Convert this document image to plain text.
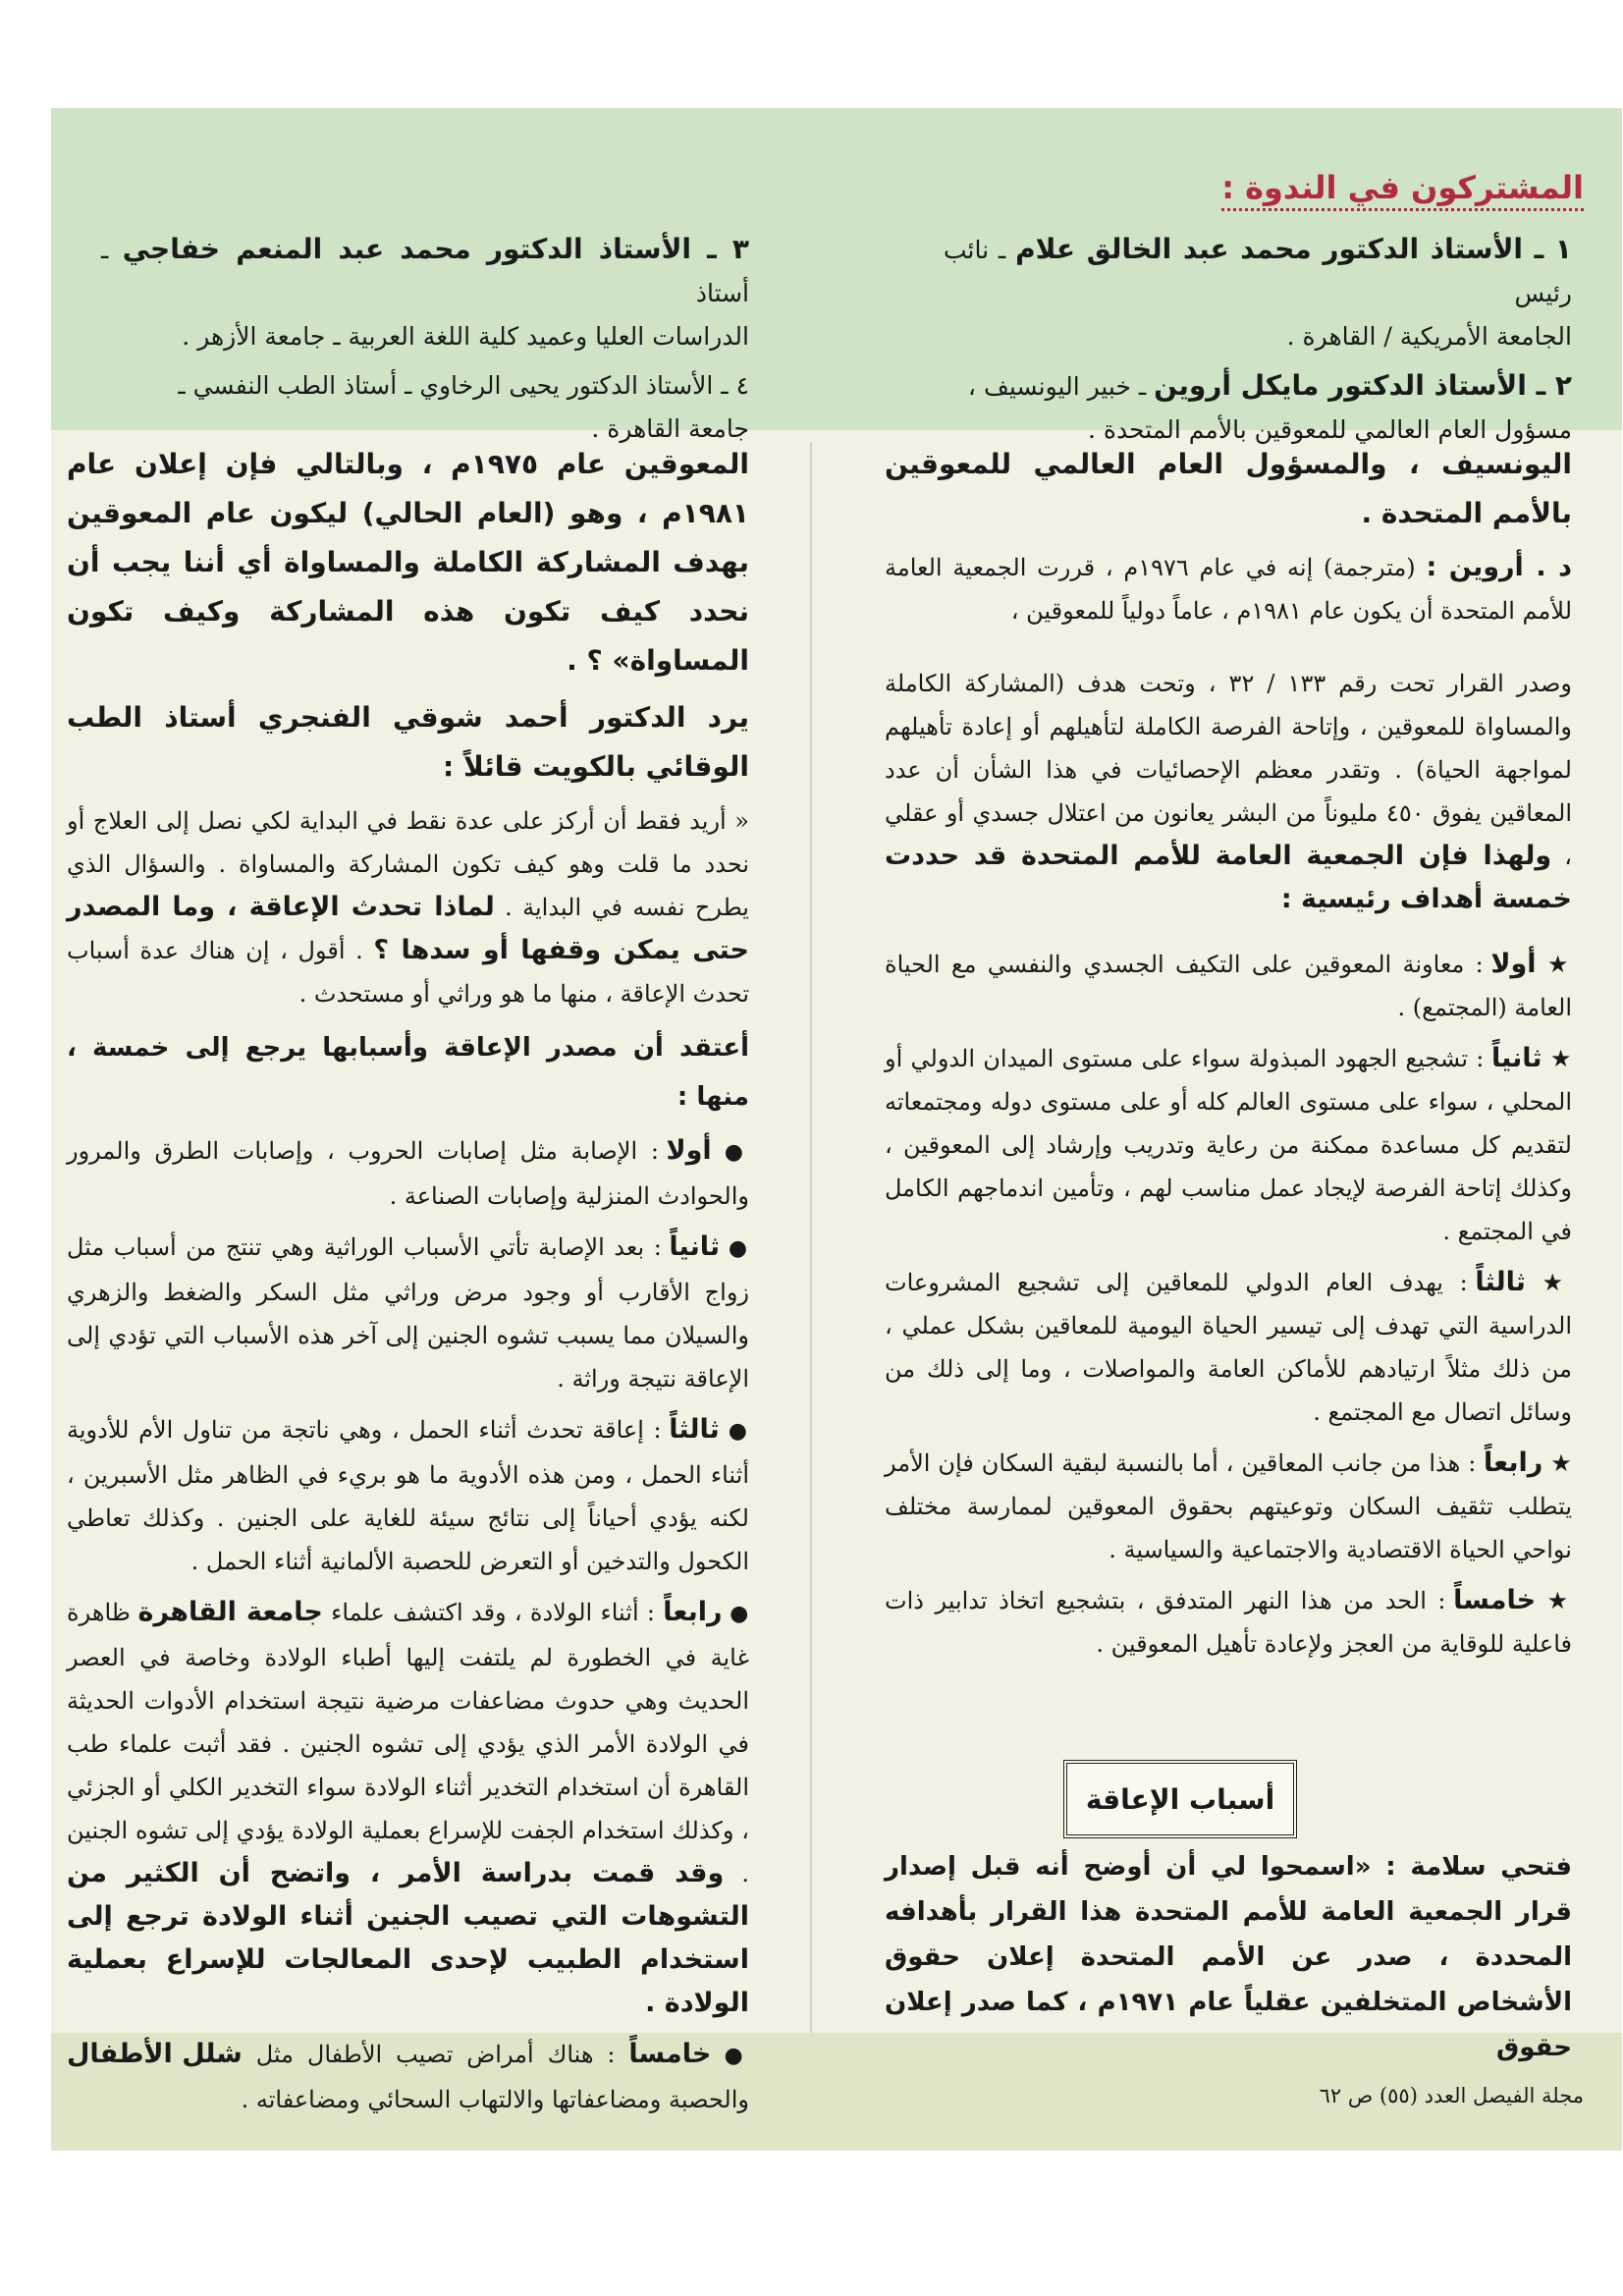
المشتركون في الندوة :
١ ـ الأستاذ الدكتور محمد عبد الخالق علام ـ نائب رئيس
الجامعة الأمريكية / القاهرة .
٢ ـ الأستاذ الدكتور مايكل أروين ـ خبير اليونسيف ،
مسؤول العام العالمي للمعوقين بالأمم المتحدة .
٣ ـ الأستاذ الدكتور محمد عبد المنعم خفاجي ـ أستاذ
الدراسات العليا وعميد كلية اللغة العربية ـ جامعة الأزهر .
٤ ـ الأستاذ الدكتور يحيى الرخاوي ـ أستاذ الطب النفسي ـ
جامعة القاهرة .

اليونسيف ، والمسؤول العام العالمي للمعوقين بالأمم المتحدة .

د . أروين : (مترجمة) إنه في عام ١٩٧٦م ، قررت الجمعية العامة للأمم المتحدة أن يكون عام ١٩٨١م ، عاماً دولياً للمعوقين ،

وصدر القرار تحت رقم ١٣٣ / ٣٢ ، وتحت هدف (المشاركة الكاملة والمساواة للمعوقين ، وإتاحة الفرصة الكاملة لتأهيلهم أو إعادة تأهيلهم لمواجهة الحياة) . وتقدر معظم الإحصائيات في هذا الشأن أن عدد المعاقين يفوق ٤٥٠ مليوناً من البشر يعانون من اعتلال جسدي أو عقلي ، ولهذا فإن الجمعية العامة للأمم المتحدة قد حددت خمسة أهداف رئيسية :

★ أولا : معاونة المعوقين على التكيف الجسدي والنفسي مع الحياة العامة (المجتمع) .

★ ثانياً : تشجيع الجهود المبذولة سواء على مستوى الميدان الدولي أو المحلي ، سواء على مستوى العالم كله أو على مستوى دوله ومجتمعاته لتقديم كل مساعدة ممكنة من رعاية وتدريب وإرشاد إلى المعوقين ، وكذلك إتاحة الفرصة لإيجاد عمل مناسب لهم ، وتأمين اندماجهم الكامل في المجتمع .

★ ثالثاً : يهدف العام الدولي للمعاقين إلى تشجيع المشروعات الدراسية التي تهدف إلى تيسير الحياة اليومية للمعاقين بشكل عملي ، من ذلك مثلاً ارتيادهم للأماكن العامة والمواصلات ، وما إلى ذلك من وسائل اتصال مع المجتمع .

★ رابعاً : هذا من جانب المعاقين ، أما بالنسبة لبقية السكان فإن الأمر يتطلب تثقيف السكان وتوعيتهم بحقوق المعوقين لممارسة مختلف نواحي الحياة الاقتصادية والاجتماعية والسياسية .

★ خامساً : الحد من هذا النهر المتدفق ، بتشجيع اتخاذ تدابير ذات فاعلية للوقاية من العجز ولإعادة تأهيل المعوقين .

أسباب الإعاقة

فتحي سلامة : «اسمحوا لي أن أوضح أنه قبل إصدار قرار الجمعية العامة للأمم المتحدة هذا القرار بأهدافه المحددة ، صدر عن الأمم المتحدة إعلان حقوق الأشخاص المتخلفين عقلياً عام ١٩٧١م ، كما صدر إعلان حقوق

المعوقين عام ١٩٧٥م ، وبالتالي فإن إعلان عام ١٩٨١م ، وهو (العام الحالي) ليكون عام المعوقين بهدف المشاركة الكاملة والمساواة أي أننا يجب أن نحدد كيف تكون هذه المشاركة وكيف تكون المساواة» ؟ .

يرد الدكتور أحمد شوقي الفنجري أستاذ الطب الوقائي بالكويت قائلاً :

« أريد فقط أن أركز على عدة نقط في البداية لكي نصل إلى العلاج أو نحدد ما قلت وهو كيف تكون المشاركة والمساواة . والسؤال الذي يطرح نفسه في البداية . لماذا تحدث الإعاقة ، وما المصدر حتى يمكن وقفها أو سدها ؟ . أقول ، إن هناك عدة أسباب تحدث الإعاقة ، منها ما هو وراثي أو مستحدث .

أعتقد أن مصدر الإعاقة وأسبابها يرجع إلى خمسة ، منها :

● أولا : الإصابة مثل إصابات الحروب ، وإصابات الطرق والمرور والحوادث المنزلية وإصابات الصناعة .

● ثانياً : بعد الإصابة تأتي الأسباب الوراثية وهي تنتج من أسباب مثل زواج الأقارب أو وجود مرض وراثي مثل السكر والضغط والزهري والسيلان مما يسبب تشوه الجنين إلى آخر هذه الأسباب التي تؤدي إلى الإعاقة نتيجة وراثة .

● ثالثاً : إعاقة تحدث أثناء الحمل ، وهي ناتجة من تناول الأم للأدوية أثناء الحمل ، ومن هذه الأدوية ما هو بريء في الظاهر مثل الأسبرين ، لكنه يؤدي أحياناً إلى نتائج سيئة للغاية على الجنين . وكذلك تعاطي الكحول والتدخين أو التعرض للحصبة الألمانية أثناء الحمل .

● رابعاً : أثناء الولادة ، وقد اكتشف علماء جامعة القاهرة ظاهرة غاية في الخطورة لم يلتفت إليها أطباء الولادة وخاصة في العصر الحديث وهي حدوث مضاعفات مرضية نتيجة استخدام الأدوات الحديثة في الولادة الأمر الذي يؤدي إلى تشوه الجنين . فقد أثبت علماء طب القاهرة أن استخدام التخدير أثناء الولادة سواء التخدير الكلي أو الجزئي ، وكذلك استخدام الجفت للإسراع بعملية الولادة يؤدي إلى تشوه الجنين . وقد قمت بدراسة الأمر ، واتضح أن الكثير من التشوهات التي تصيب الجنين أثناء الولادة ترجع إلى استخدام الطبيب لإحدى المعالجات للإسراع بعملية الولادة .

● خامساً : هناك أمراض تصيب الأطفال مثل شلل الأطفال والحصبة ومضاعفاتها والالتهاب السحائي ومضاعفاته .	مجلة الفيصل العدد (٥٥) ص ٦٢
